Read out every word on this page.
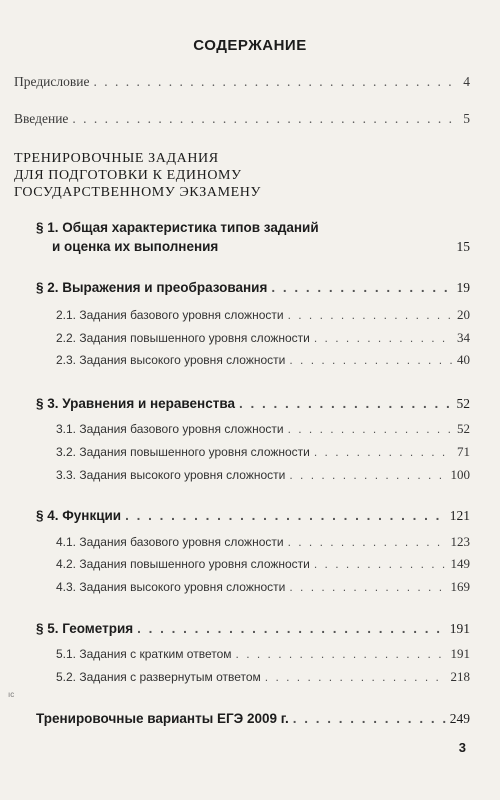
СОДЕРЖАНИЕ
Предисловие . . .	4
Введение . . .	5
ТРЕНИРОВОЧНЫЕ ЗАДАНИЯ
ДЛЯ ПОДГОТОВКИ К ЕДИНОМУ
ГОСУДАРСТВЕННОМУ ЭКЗАМЕНУ
§ 1. Общая характеристика типов заданий
и оценка их выполнения	15
§ 2. Выражения и преобразования . . .	19
2.1. Задания базового уровня сложности . . .	20
2.2. Задания повышенного уровня сложности . . .	34
2.3. Задания высокого уровня сложности . . .	40
§ 3. Уравнения и неравенства . . .	52
3.1. Задания базового уровня сложности . . .	52
3.2. Задания повышенного уровня сложности . . .	71
3.3. Задания высокого уровня сложности . . .	100
§ 4. Функции . . .	121
4.1. Задания базового уровня сложности . . .	123
4.2. Задания повышенного уровня сложности . . .	149
4.3. Задания высокого уровня сложности . . .	169
§ 5. Геометрия . . .	191
5.1. Задания с кратким ответом . . .	191
5.2. Задания с развернутым ответом . . .	218
ıc
Тренировочные варианты ЕГЭ 2009 г. . . .	249
3
